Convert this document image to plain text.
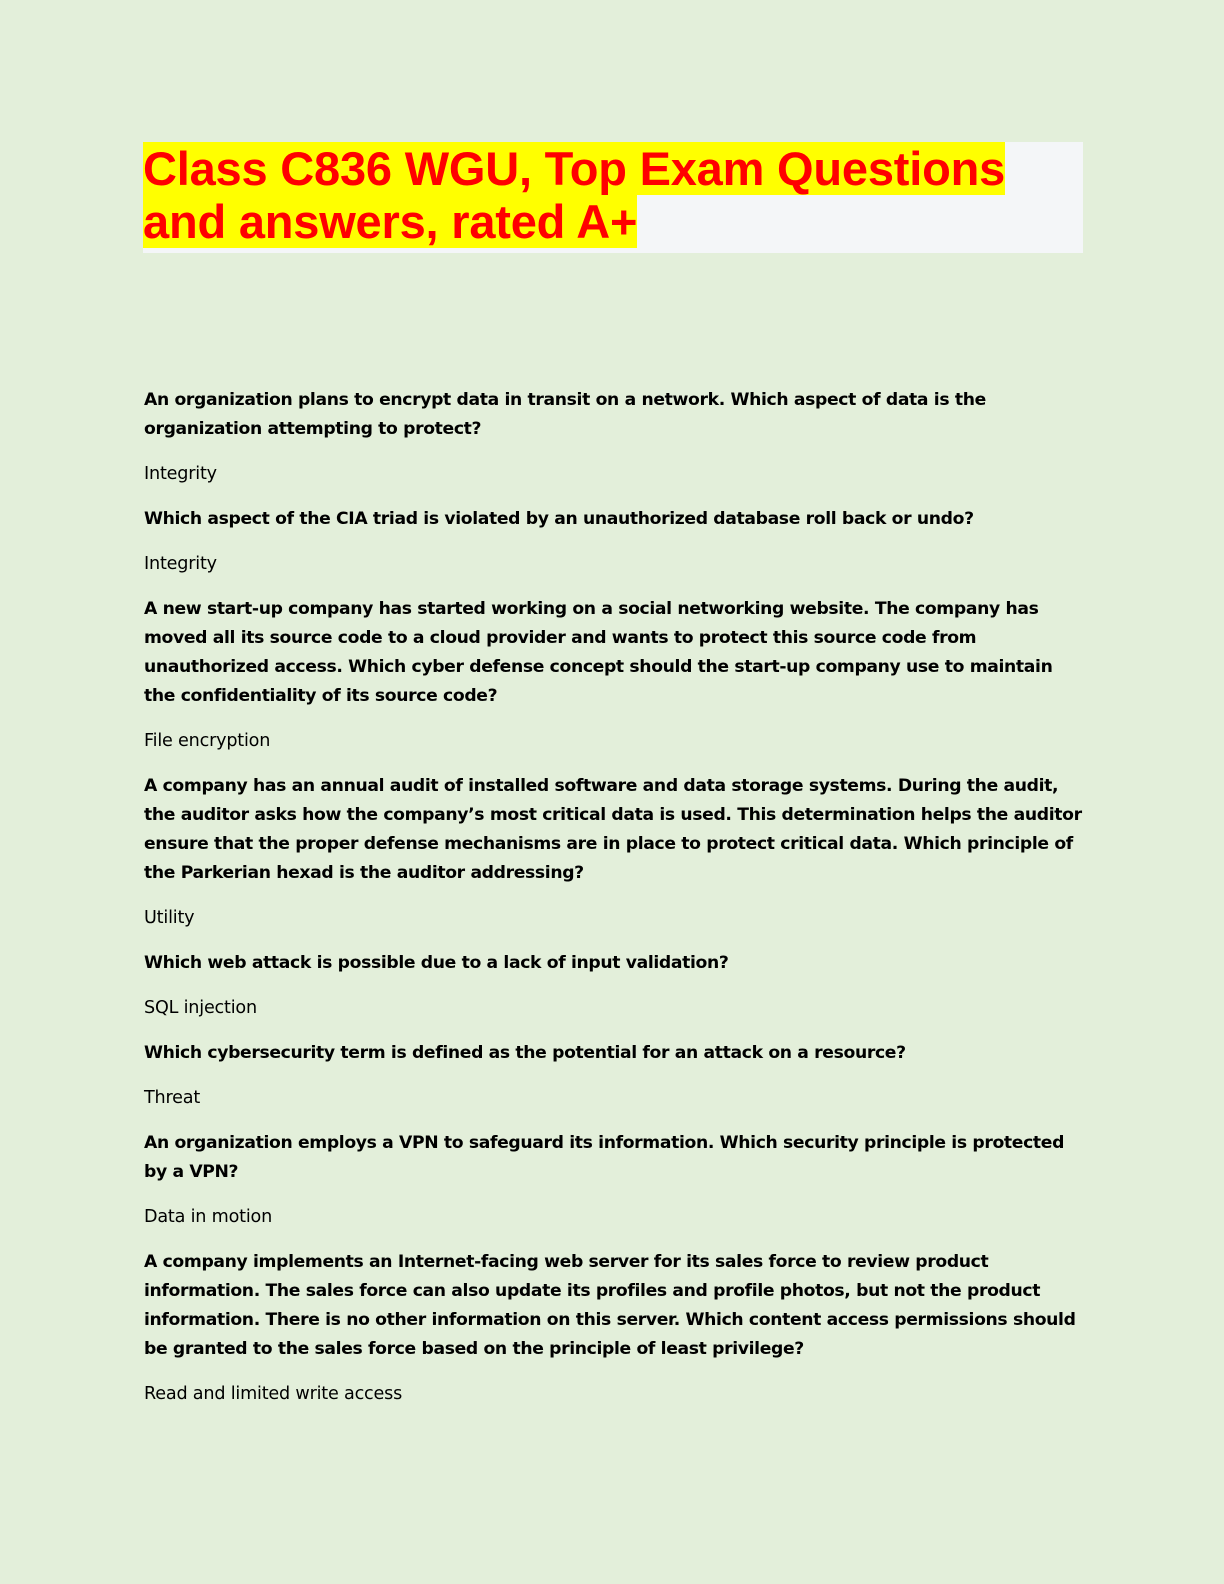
Class C836 WGU, Top Exam Questions
and answers, rated A+

An organization plans to encrypt data in transit on a network. Which aspect of data is the organization attempting to protect?

Integrity

Which aspect of the CIA triad is violated by an unauthorized database roll back or undo?

Integrity

A new start-up company has started working on a social networking website. The company has moved all its source code to a cloud provider and wants to protect this source code from unauthorized access. Which cyber defense concept should the start-up company use to maintain the confidentiality of its source code?

File encryption

A company has an annual audit of installed software and data storage systems. During the audit, the auditor asks how the company’s most critical data is used. This determination helps the auditor ensure that the proper defense mechanisms are in place to protect critical data. Which principle of the Parkerian hexad is the auditor addressing?

Utility

Which web attack is possible due to a lack of input validation?

SQL injection

Which cybersecurity term is defined as the potential for an attack on a resource?

Threat

An organization employs a VPN to safeguard its information. Which security principle is protected by a VPN?

Data in motion

A company implements an Internet-facing web server for its sales force to review product information. The sales force can also update its profiles and profile photos, but not the product information. There is no other information on this server. Which content access permissions should be granted to the sales force based on the principle of least privilege?

Read and limited write access
